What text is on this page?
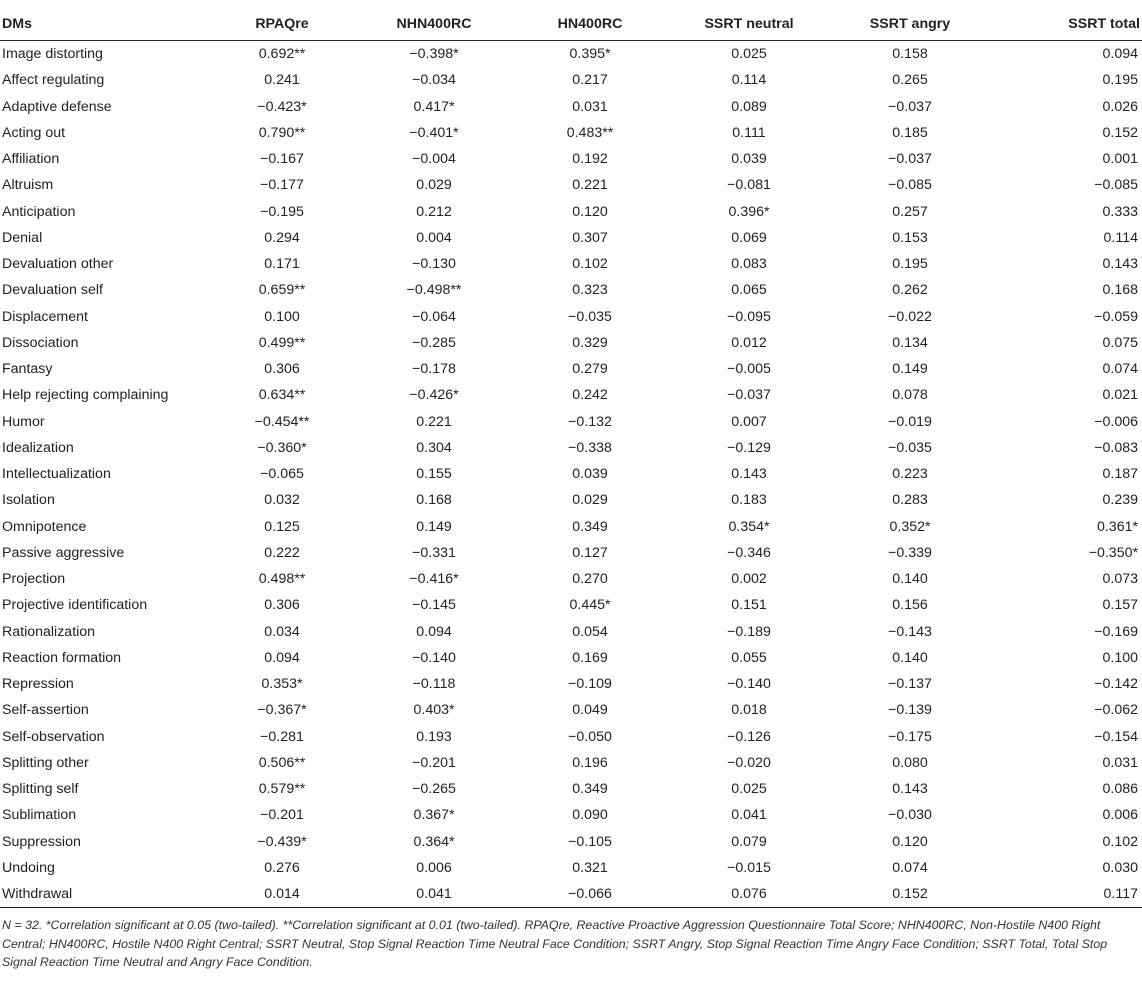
DMs	RPAQre	NHN400RC	HN400RC	SSRT neutral	SSRT angry	SSRT total
Image distorting	0.692**	−0.398*	0.395*	0.025	0.158	0.094
Affect regulating	0.241	−0.034	0.217	0.114	0.265	0.195
Adaptive defense	−0.423*	0.417*	0.031	0.089	−0.037	0.026
Acting out	0.790**	−0.401*	0.483**	0.111	0.185	0.152
Affiliation	−0.167	−0.004	0.192	0.039	−0.037	0.001
Altruism	−0.177	0.029	0.221	−0.081	−0.085	−0.085
Anticipation	−0.195	0.212	0.120	0.396*	0.257	0.333
Denial	0.294	0.004	0.307	0.069	0.153	0.114
Devaluation other	0.171	−0.130	0.102	0.083	0.195	0.143
Devaluation self	0.659**	−0.498**	0.323	0.065	0.262	0.168
Displacement	0.100	−0.064	−0.035	−0.095	−0.022	−0.059
Dissociation	0.499**	−0.285	0.329	0.012	0.134	0.075
Fantasy	0.306	−0.178	0.279	−0.005	0.149	0.074
Help rejecting complaining	0.634**	−0.426*	0.242	−0.037	0.078	0.021
Humor	−0.454**	0.221	−0.132	0.007	−0.019	−0.006
Idealization	−0.360*	0.304	−0.338	−0.129	−0.035	−0.083
Intellectualization	−0.065	0.155	0.039	0.143	0.223	0.187
Isolation	0.032	0.168	0.029	0.183	0.283	0.239
Omnipotence	0.125	0.149	0.349	0.354*	0.352*	0.361*
Passive aggressive	0.222	−0.331	0.127	−0.346	−0.339	−0.350*
Projection	0.498**	−0.416*	0.270	0.002	0.140	0.073
Projective identification	0.306	−0.145	0.445*	0.151	0.156	0.157
Rationalization	0.034	0.094	0.054	−0.189	−0.143	−0.169
Reaction formation	0.094	−0.140	0.169	0.055	0.140	0.100
Repression	0.353*	−0.118	−0.109	−0.140	−0.137	−0.142
Self-assertion	−0.367*	0.403*	0.049	0.018	−0.139	−0.062
Self-observation	−0.281	0.193	−0.050	−0.126	−0.175	−0.154
Splitting other	0.506**	−0.201	0.196	−0.020	0.080	0.031
Splitting self	0.579**	−0.265	0.349	0.025	0.143	0.086
Sublimation	−0.201	0.367*	0.090	0.041	−0.030	0.006
Suppression	−0.439*	0.364*	−0.105	0.079	0.120	0.102
Undoing	0.276	0.006	0.321	−0.015	0.074	0.030
Withdrawal	0.014	0.041	−0.066	0.076	0.152	0.117

N = 32. *Correlation significant at 0.05 (two-tailed). **Correlation significant at 0.01 (two-tailed). RPAQre, Reactive Proactive Aggression Questionnaire Total Score; NHN400RC, Non-Hostile N400 Right Central; HN400RC, Hostile N400 Right Central; SSRT Neutral, Stop Signal Reaction Time Neutral Face Condition; SSRT Angry, Stop Signal Reaction Time Angry Face Condition; SSRT Total, Total Stop Signal Reaction Time Neutral and Angry Face Condition.
